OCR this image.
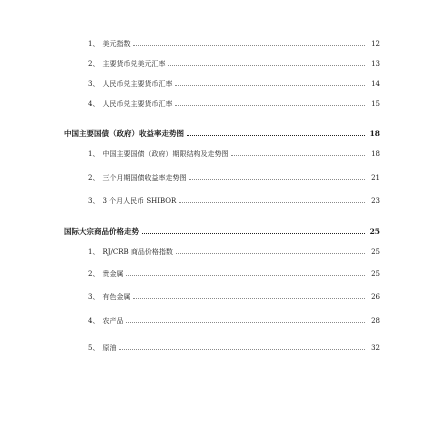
1、 美元指数	12
2、 主要货币兑美元汇率	13
3、 人民币兑主要货币汇率	14
4、 人民币兑主要货币汇率	15
中国主要国债（政府）收益率走势图	18
1、 中国主要国债（政府）期限结构及走势图	18
2、 三个月期国债收益率走势图	21
3、 3 个月人民币 SHIBOR	23
国际大宗商品价格走势	25
1、 RJ/CRB 商品价格指数	25
2、 贵金属	25
3、 有色金属	26
4、 农产品	28
5、 原油	32
